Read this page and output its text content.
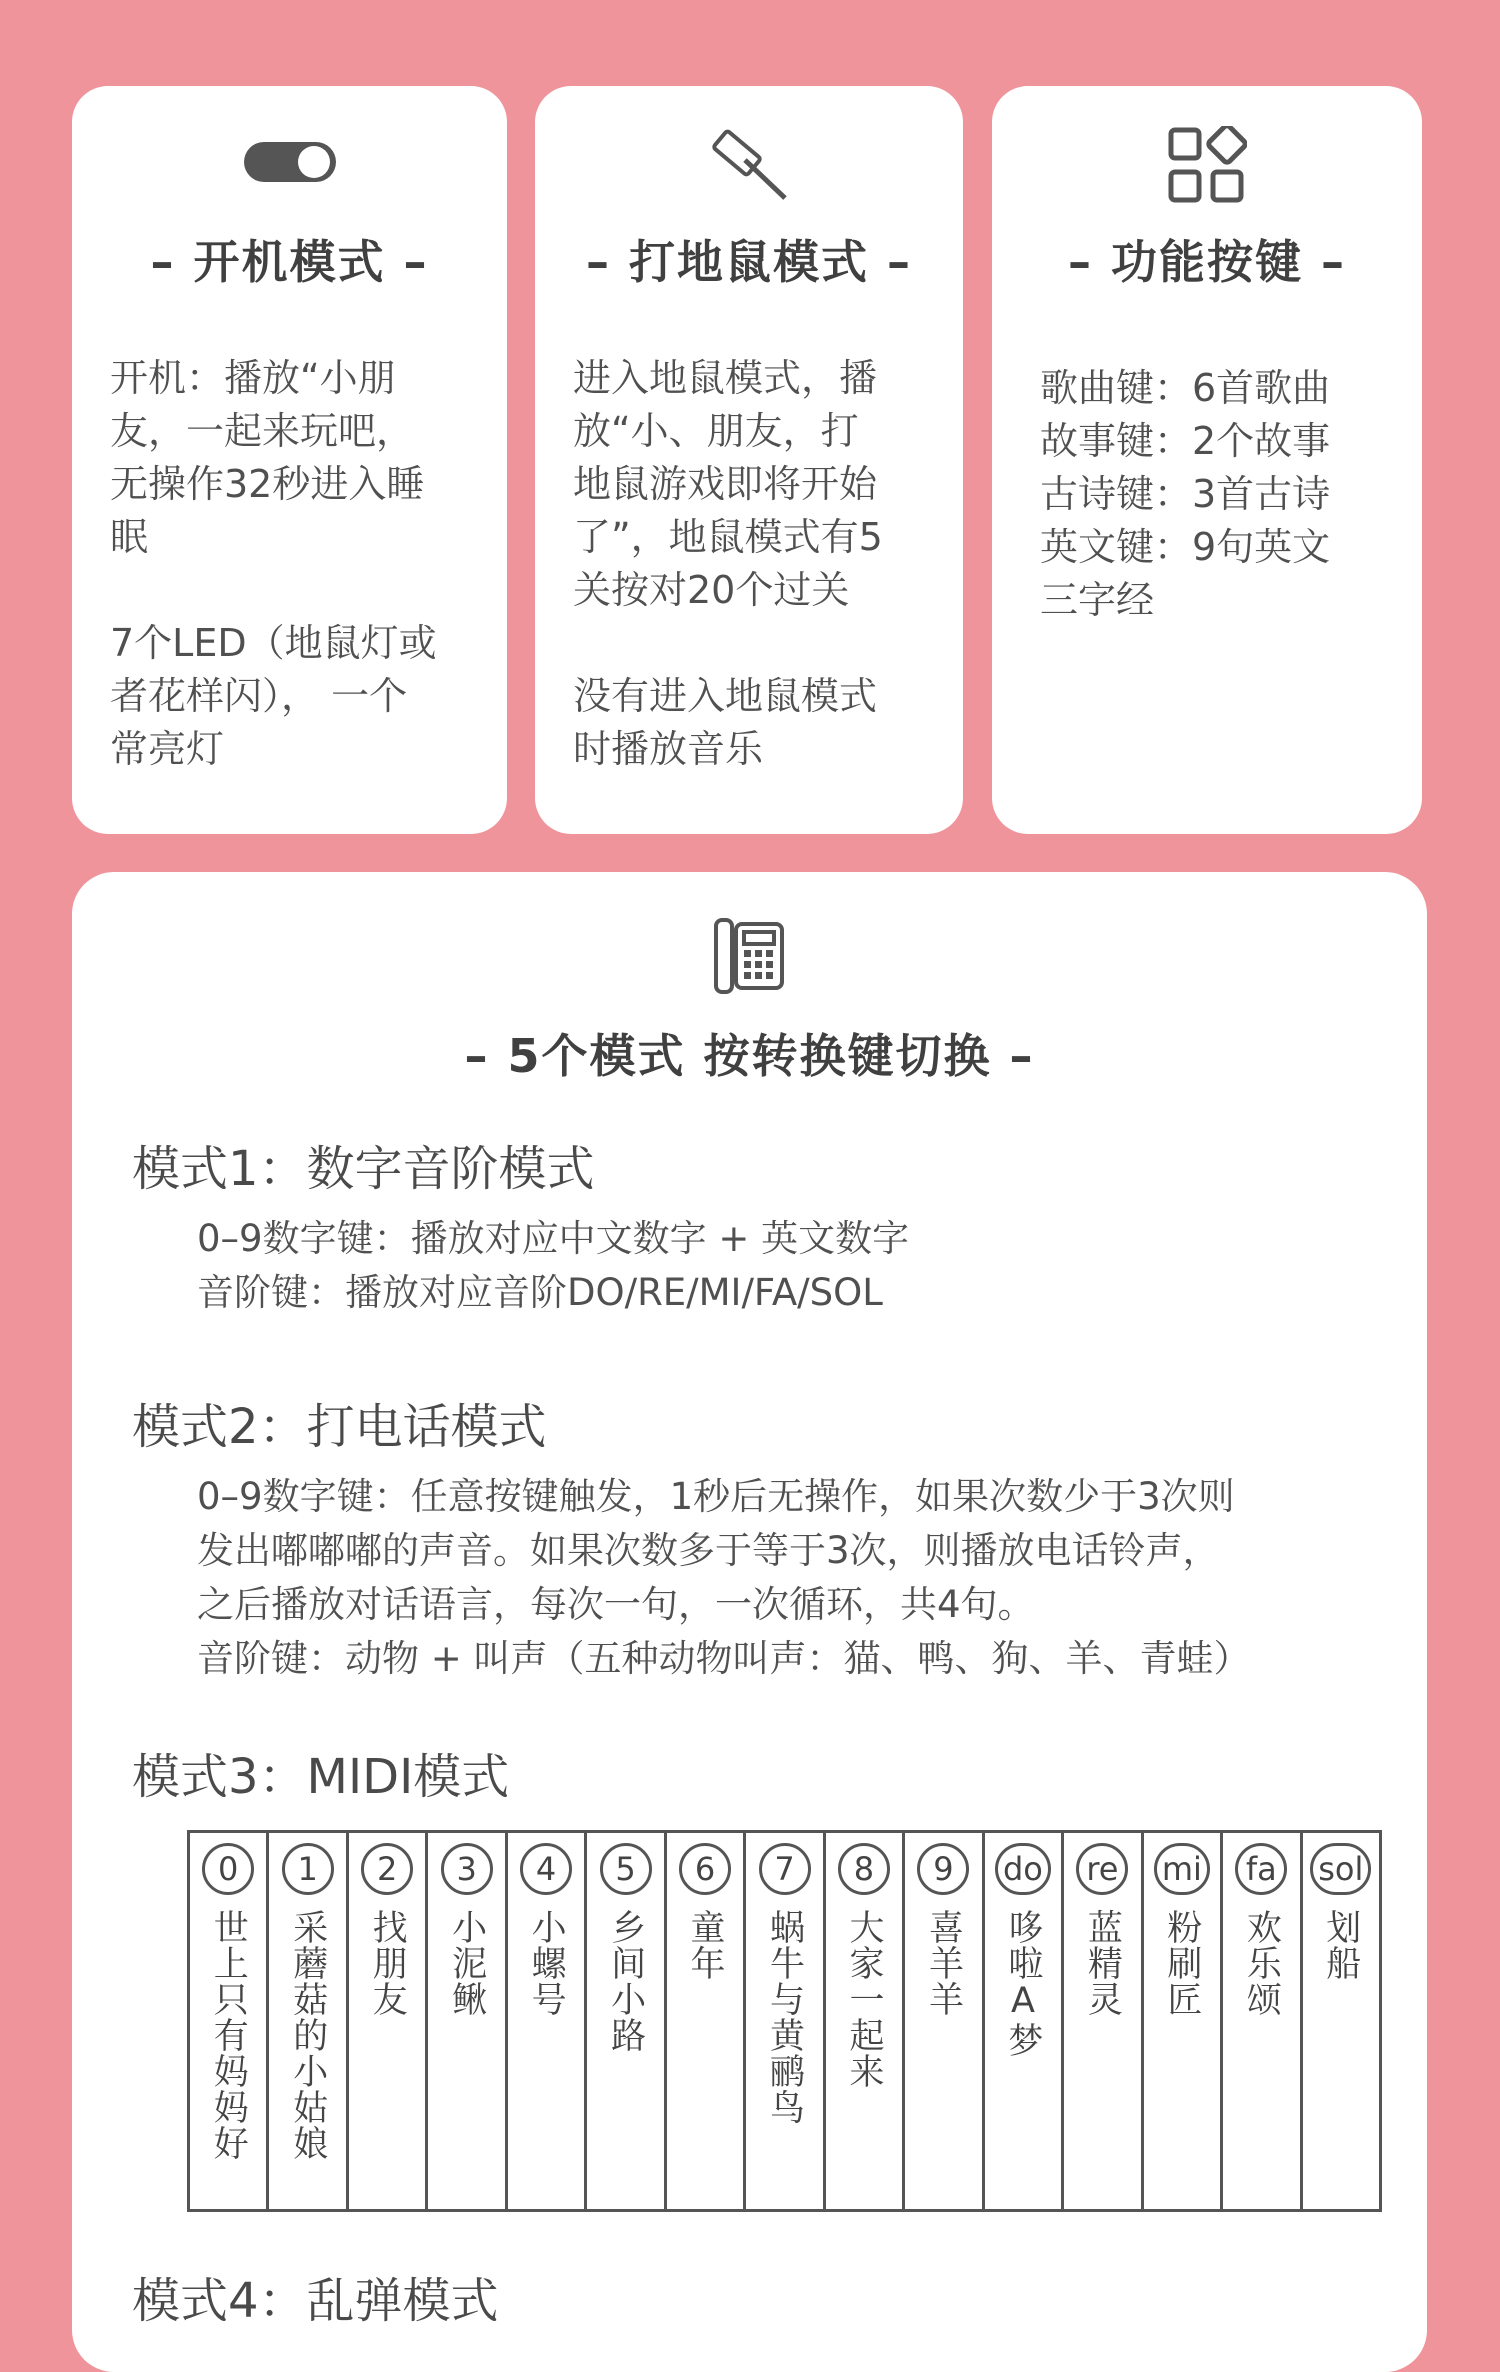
– 开机模式 –

开机：播放“小朋

友，一起来玩吧，

无操作32秒进入睡

眠

7个LED（地鼠灯或

者花样闪）， 一个

常亮灯

– 打地鼠模式 –

进入地鼠模式，播

放“小、朋友，打

地鼠游戏即将开始

了”，地鼠模式有5

关按对20个过关

没有进入地鼠模式

时播放音乐

– 功能按键 –

歌曲键：6首歌曲

故事键：2个故事

古诗键：3首古诗

英文键：9句英文

三字经

– 5个模式 按转换键切换 –
模式1：数字音阶模式

0–9数字键：播放对应中文数字 + 英文数字

音阶键：播放对应音阶DO/RE/MI/FA/SOL

模式2：打电话模式

0–9数字键：任意按键触发，1秒后无操作，如果次数少于3次则

发出嘟嘟嘟的声音。如果次数多于等于3次，则播放电话铃声，

之后播放对话语言，每次一句，一次循环，共4句。

音阶键：动物 + 叫声（五种动物叫声：猫、鸭、狗、羊、青蛙）

模式3：MIDI模式
0
世上只有妈妈好
1
采蘑菇的小姑娘
2
找朋友
3
小泥鳅
4
小螺号
5
乡间小路
6
童年
7
蜗牛与黄鹂鸟
8
大家一起来
9
喜羊羊
do
哆啦A梦
re
蓝精灵
mi
粉刷匠
fa
欢乐颂
sol
划船
模式4：乱弹模式
